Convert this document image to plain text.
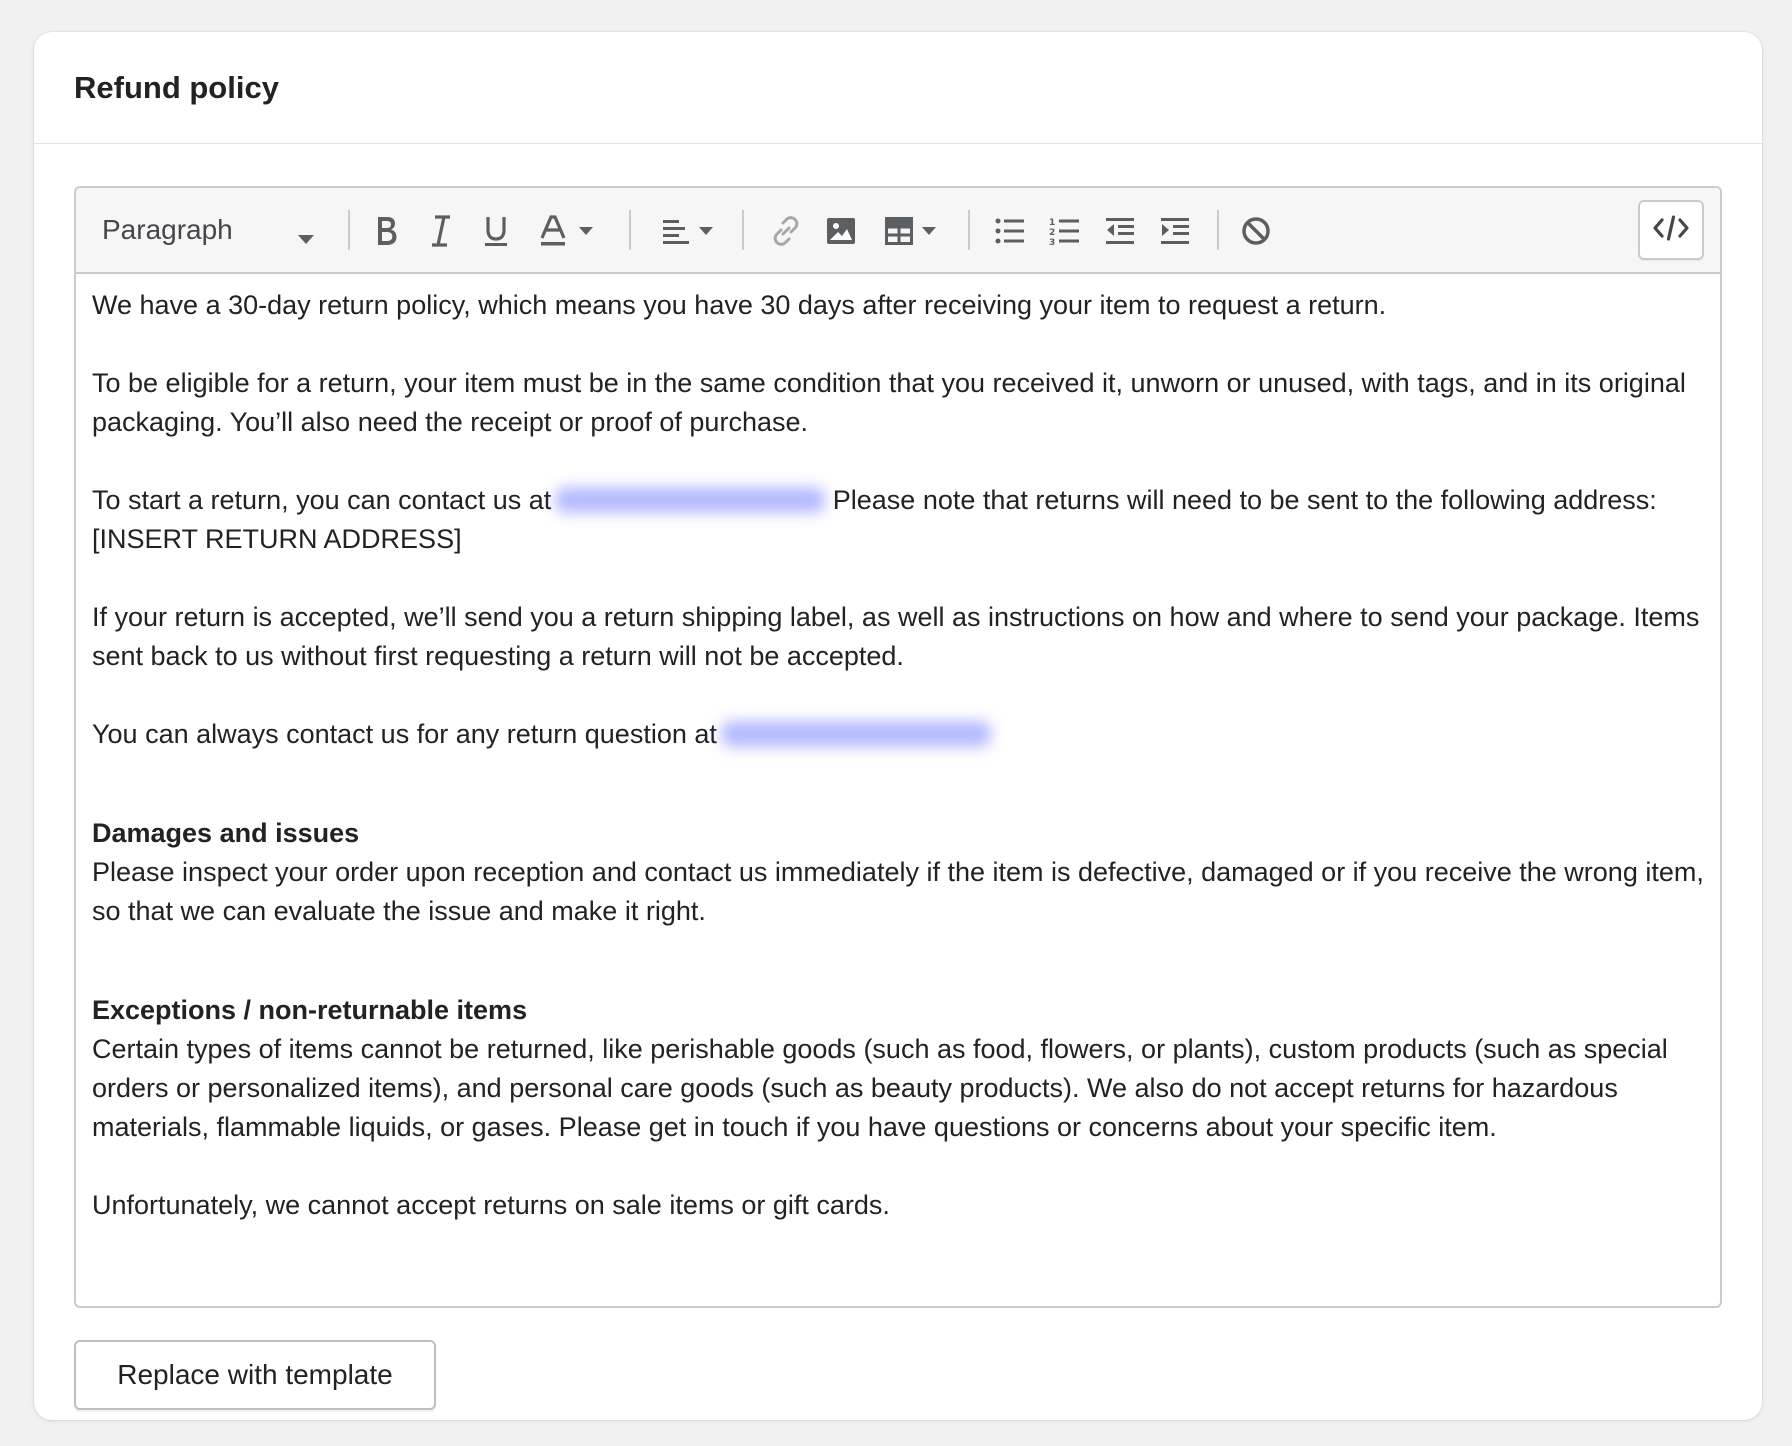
Refund policy
Paragraph	1
2
3

We have a 30-day return policy, which means you have 30 days after receiving your item to request a return.

To be eligible for a return, your item must be in the same condition that you received it, unworn or unused, with tags, and in its original packaging. You’ll also need the receipt or proof of purchase.

To start a return, you can contact us at	Please note that returns will need to be sent to the following address: [INSERT RETURN ADDRESS]

If your return is accepted, we’ll send you a return shipping label, as well as instructions on how and where to send your package. Items sent back to us without first requesting a return will not be accepted.

You can always contact us for any return question at

Damages and issues

Please inspect your order upon reception and contact us immediately if the item is defective, damaged or if you receive the wrong item, so that we can evaluate the issue and make it right.

Exceptions / non-returnable items

Certain types of items cannot be returned, like perishable goods (such as food, flowers, or plants), custom products (such as special orders or personalized items), and personal care goods (such as beauty products). We also do not accept returns for hazardous materials, flammable liquids, or gases. Please get in touch if you have questions or concerns about your specific item.

Unfortunately, we cannot accept returns on sale items or gift cards.

Replace with template
